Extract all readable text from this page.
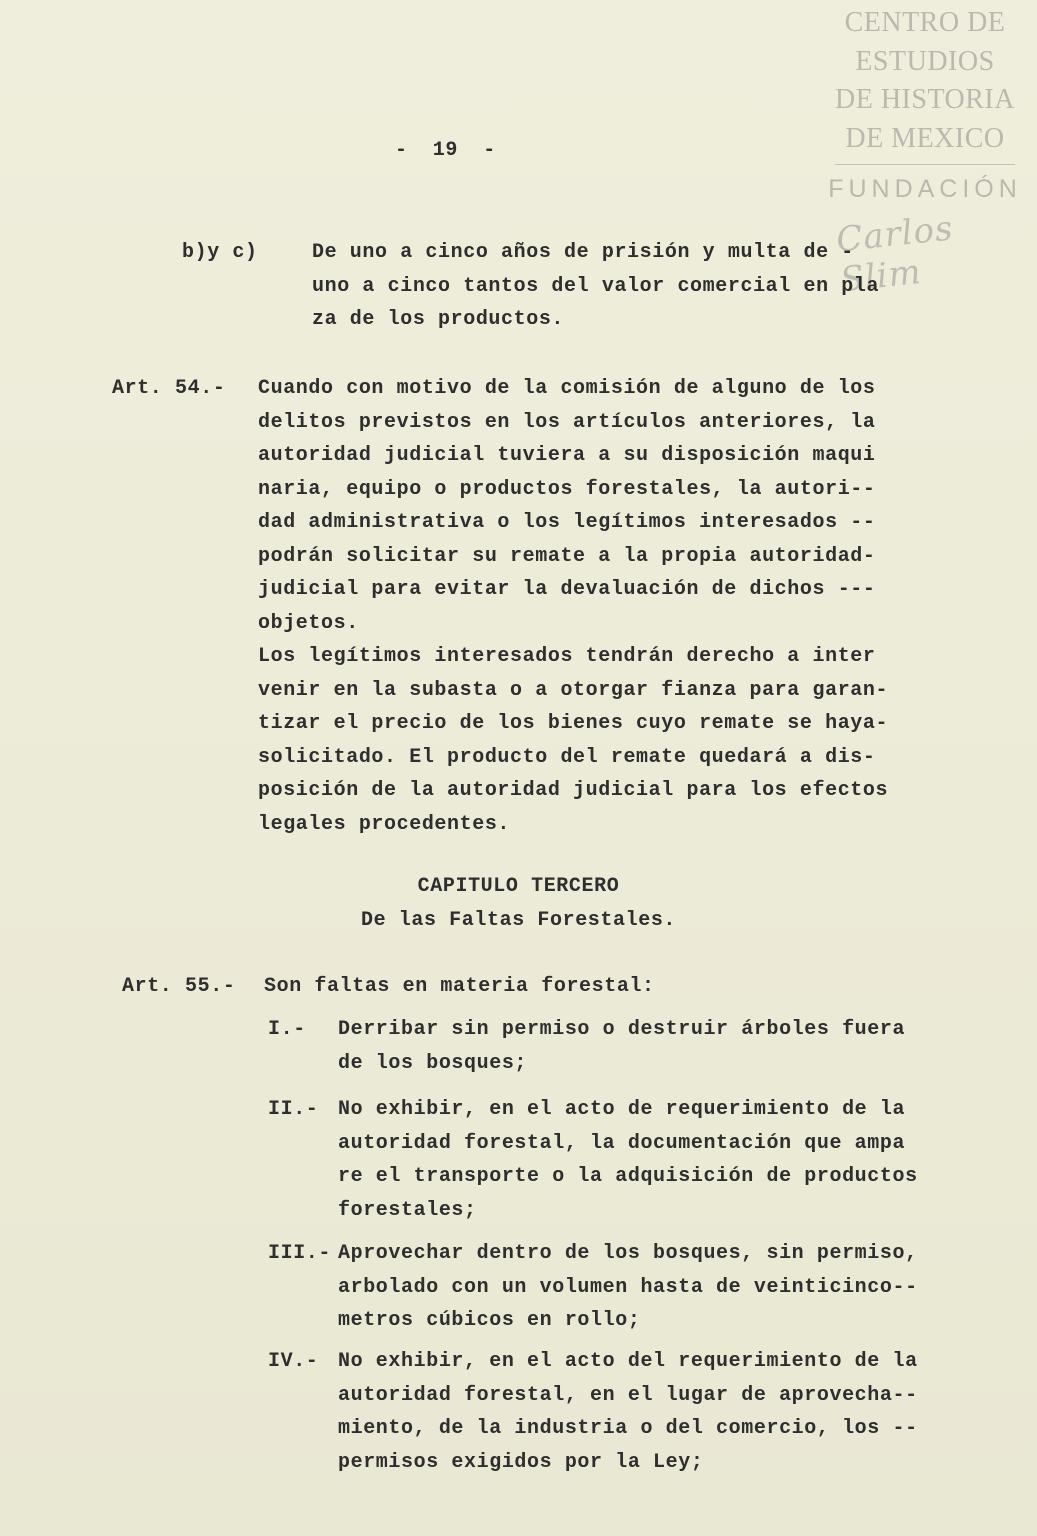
CENTRO DE
ESTUDIOS
DE HISTORIA
DE MEXICO
FUNDACIÓN
Carlos Slim
-  19  -
b)y c)	De uno a cinco años de prisión y multa de -
uno a cinco tantos del valor comercial en pla
za de los productos.
Art. 54.- Cuando con motivo de la comisión de alguno de los
delitos previstos en los artículos anteriores, la
autoridad judicial tuviera a su disposición maqui
naria, equipo o productos forestales, la autori--
dad administrativa o los legítimos interesados --
podrán solicitar su remate a la propia autoridad-
judicial para evitar la devaluación de dichos ---
objetos.
Los legítimos interesados tendrán derecho a inter
venir en la subasta o a otorgar fianza para garan-
tizar el precio de los bienes cuyo remate se haya-
solicitado. El producto del remate quedará a dis-
posición de la autoridad judicial para los efectos
legales procedentes.
CAPITULO TERCERO
De las Faltas Forestales.
Art. 55.- Son faltas en materia forestal:
I.- Derribar sin permiso o destruir árboles fuera
de los bosques;
II.- No exhibir, en el acto de requerimiento de la
autoridad forestal, la documentación que ampa
re el transporte o la adquisición de productos
forestales;
III.- Aprovechar dentro de los bosques, sin permiso,
arbolado con un volumen hasta de veinticinco--
metros cúbicos en rollo;
IV.- No exhibir, en el acto del requerimiento de la
autoridad forestal, en el lugar de aprovecha--
miento, de la industria o del comercio, los --
permisos exigidos por la Ley;
